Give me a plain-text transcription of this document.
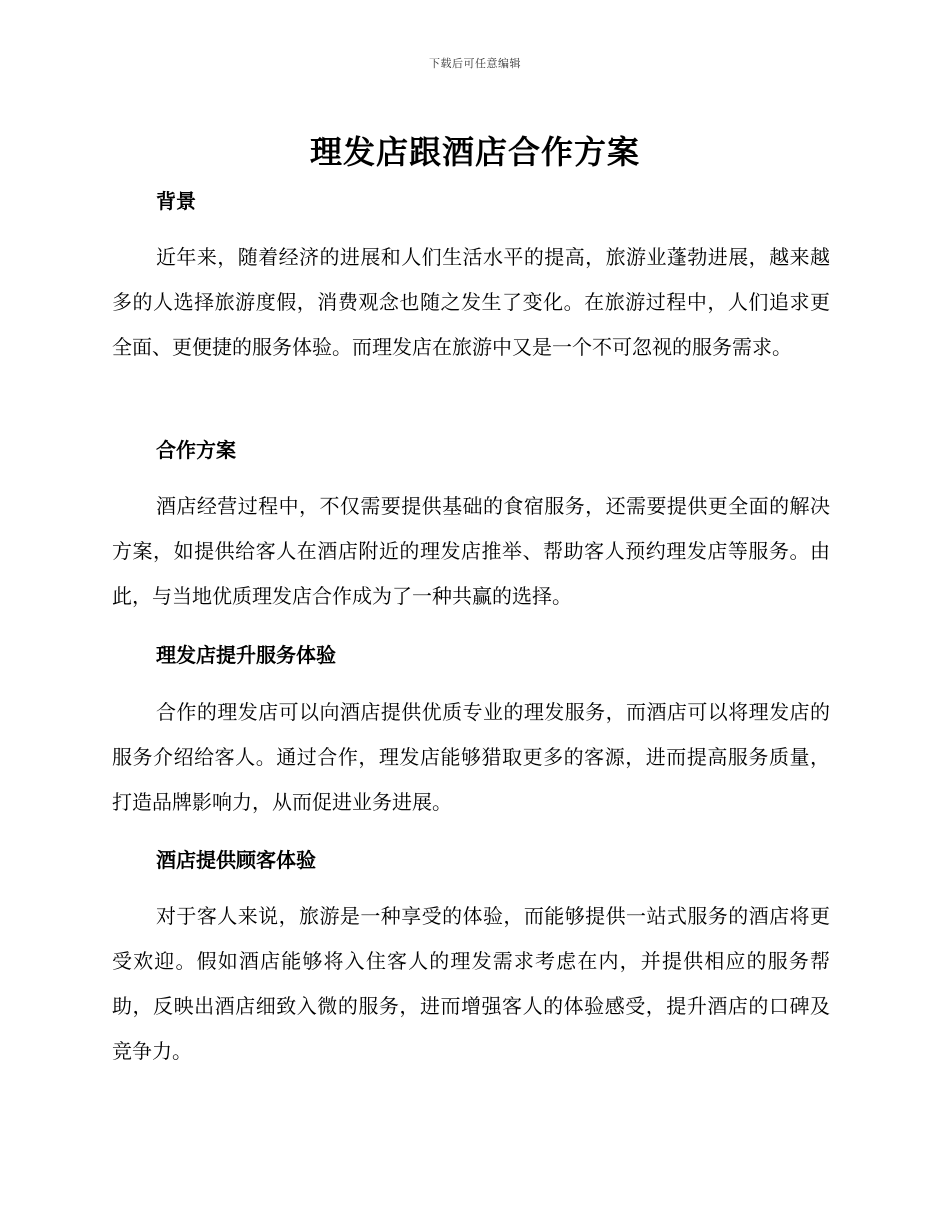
下载后可任意编辑
理发店跟酒店合作方案
背景

近年来，随着经济的进展和人们生活水平的提高，旅游业蓬勃进展，越来越多的人选择旅游度假，消费观念也随之发生了变化。在旅游过程中，人们追求更全面、更便捷的服务体验。而理发店在旅游中又是一个不可忽视的服务需求。

合作方案

酒店经营过程中，不仅需要提供基础的食宿服务，还需要提供更全面的解决方案，如提供给客人在酒店附近的理发店推举、帮助客人预约理发店等服务。由此，与当地优质理发店合作成为了一种共赢的选择。

理发店提升服务体验

合作的理发店可以向酒店提供优质专业的理发服务，而酒店可以将理发店的服务介绍给客人。通过合作，理发店能够猎取更多的客源，进而提高服务质量，打造品牌影响力，从而促进业务进展。

酒店提供顾客体验

对于客人来说，旅游是一种享受的体验，而能够提供一站式服务的酒店将更受欢迎。假如酒店能够将入住客人的理发需求考虑在内，并提供相应的服务帮助，反映出酒店细致入微的服务，进而增强客人的体验感受，提升酒店的口碑及竞争力。
